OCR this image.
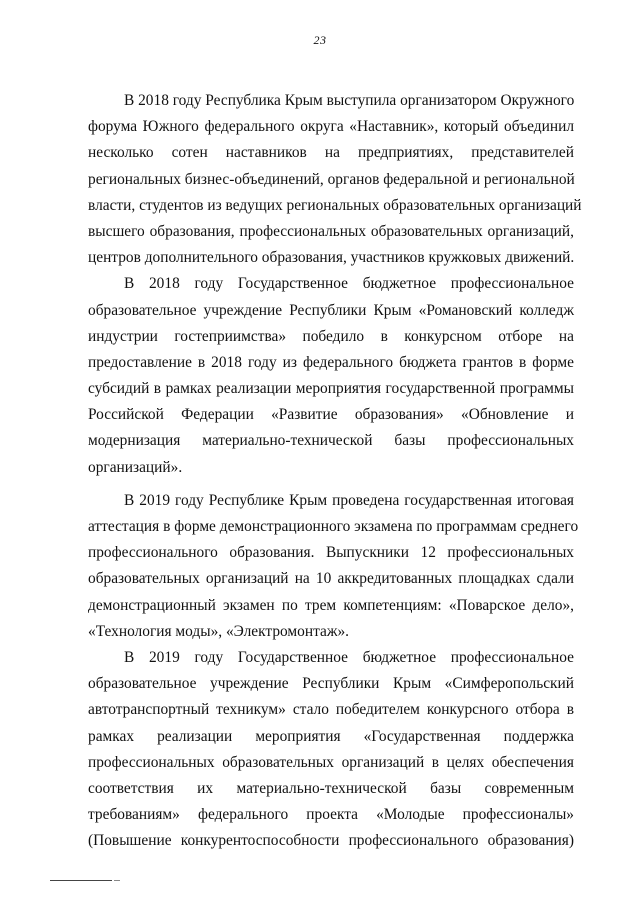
23
В 2018 году Республика Крым выступила организатором Окружного
форума Южного федерального округа «Наставник», который объединил
несколько сотен наставников на предприятиях, представителей
региональных бизнес-объединений, органов федеральной и региональной
власти, студентов из ведущих региональных образовательных организаций
высшего образования, профессиональных образовательных организаций,
центров дополнительного образования, участников кружковых движений.
В 2018 году Государственное бюджетное профессиональное
образовательное учреждение Республики Крым «Романовский колледж
индустрии гостеприимства» победило в конкурсном отборе на
предоставление в 2018 году из федерального бюджета грантов в форме
субсидий в рамках реализации мероприятия государственной программы
Российской Федерации «Развитие образования» «Обновление и
модернизация материально-технической базы профессиональных
организаций».
В 2019 году Республике Крым проведена государственная итоговая
аттестация в форме демонстрационного экзамена по программам среднего
профессионального образования. Выпускники 12 профессиональных
образовательных организаций на 10 аккредитованных площадках сдали
демонстрационный экзамен по трем компетенциям: «Поварское дело»,
«Технология моды», «Электромонтаж».
В 2019 году Государственное бюджетное профессиональное
образовательное учреждение Республики Крым «Симферопольский
автотранспортный техникум» стало победителем конкурсного отбора в
рамках реализации мероприятия «Государственная поддержка
профессиональных образовательных организаций в целях обеспечения
соответствия их материально-технической базы современным
требованиям» федерального проекта «Молодые профессионалы»
(Повышение конкурентоспособности профессионального образования)
